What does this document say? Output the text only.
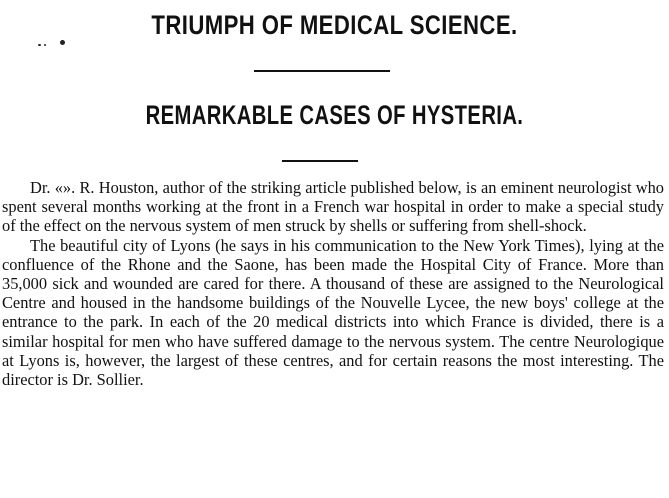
TRIUMPH OF MEDICAL SCIENCE.
REMARKABLE CASES OF HYSTERIA.

Dr. «». R. Houston, author of the striking article published below, is an eminent neurologist who spent several months working at the front in a French war hospital in order to make a special study of the effect on the nervous system of men struck by shells or suffering from shell-shock.

The beautiful city of Lyons (he says in his communication to the New York Times), lying at the confluence of the Rhone and the Saone, has been made the Hospital City of France. More than 35,000 sick and wounded are cared for there. A thousand of these are assigned to the Neurological Centre and housed in the handsome buildings of the Nouvelle Lycee, the new boys' college at the entrance to the park. In each of the 20 medical districts into which France is divided, there is a similar hospital for men who have suffered damage to the nervous system. The centre Neurologique at Lyons is, however, the largest of these centres, and for certain reasons the most interesting. The director is Dr. Sollier.
